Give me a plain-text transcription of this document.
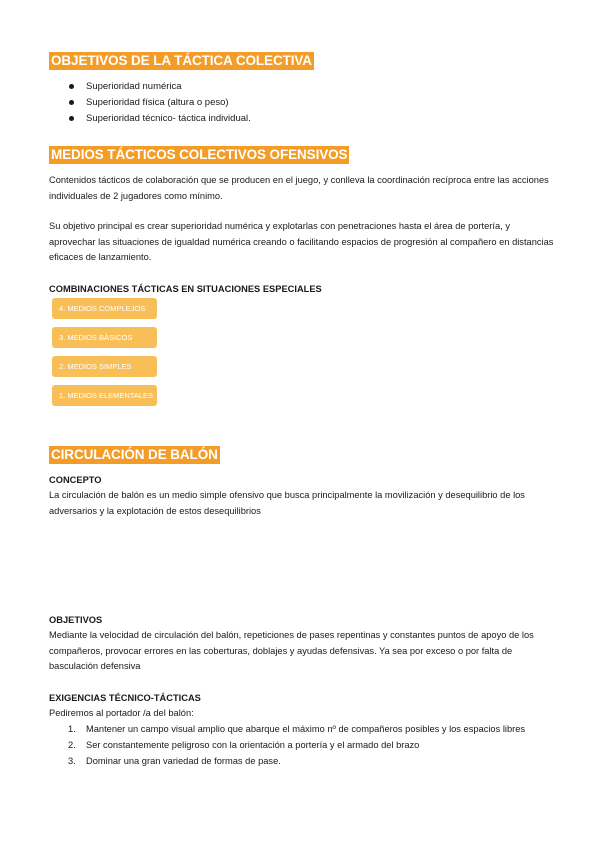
OBJETIVOS DE LA TÁCTICA COLECTIVA
Superioridad numérica
Superioridad física (altura o peso)
Superioridad técnico- táctica individual.
MEDIOS TÁCTICOS COLECTIVOS OFENSIVOS

Contenidos tácticos de colaboración que se producen en el juego, y conlleva la coordinación recíproca entre las acciones individuales de 2 jugadores como mínimo.

Su objetivo principal es crear superioridad numérica y explotarlas con penetraciones hasta el área de portería, y aprovechar las situaciones de igualdad numérica creando o facilitando espacios de progresión al compañero en distancias eficaces de lanzamiento.

COMBINACIONES TÁCTICAS EN SITUACIONES ESPECIALES
4. MEDIOS COMPLEJOS
3. MEDIOS BÁSICOS
2. MEDIOS SIMPLES
1. MEDIOS ELEMENTALES
CIRCULACIÓN DE BALÓN
CONCEPTO

La circulación de balón es un medio simple ofensivo que busca principalmente la movilización y desequilibrio de los adversarios y la explotación de estos desequilibrios

OBJETIVOS

Mediante la velocidad de circulación del balón, repeticiones de pases repentinas y constantes puntos de apoyo de los compañeros, provocar errores en las coberturas, doblajes y ayudas defensivas. Ya sea por exceso o por falta de basculación defensiva

EXIGENCIAS TÉCNICO-TÁCTICAS

Pediremos al portador /a del balón:

1. Mantener un campo visual amplio que abarque el máximo nº de compañeros posibles y los espacios libres
2. Ser constantemente peligroso con la orientación a portería y el armado del brazo
3. Dominar una gran variedad de formas de pase.
